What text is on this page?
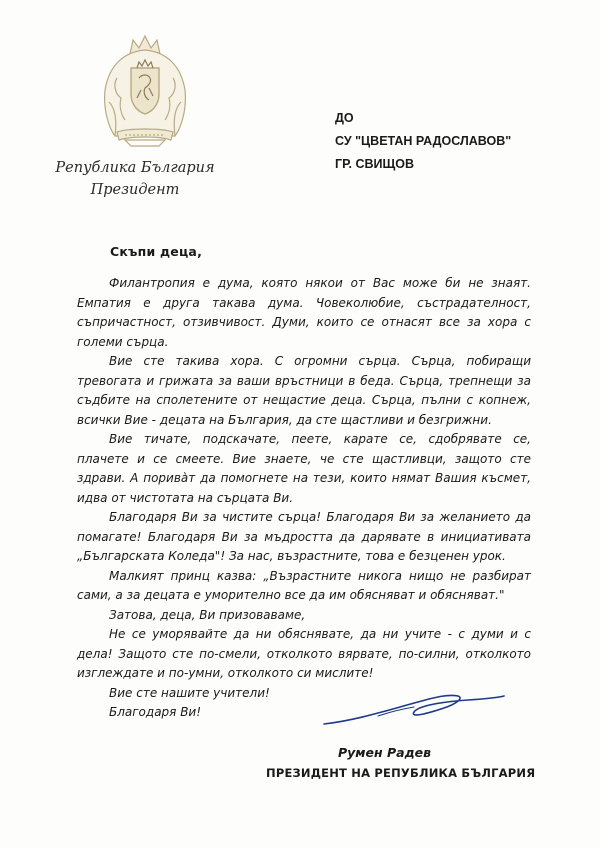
Република България
Президент
ДО
СУ "ЦВЕТАН РАДОСЛАВОВ"
ГР. СВИЩОВ
Скъпи деца,

Филантропия е дума, която някои от Вас може би не знаят. Емпатия е друга такава дума. Човеколюбие, състрадателност, съпричастност, отзивчивост. Думи, които се отнасят все за хора с големи сърца.

Вие сте такива хора. С огромни сърца. Сърца, побиращи тревогата и грижата за ваши връстници в беда. Сърца, трепнещи за съдбите на сполетените от нещастие деца. Сърца, пълни с копнеж, всички Вие - децата на България, да сте щастливи и безгрижни.

Вие тичате, подскачате, пеете, карате се, сдобрявате се, плачете и се смеете. Вие знаете, че сте щастливци, защото сте здрави. А порива̀т да помогнете на тези, които нямат Вашия късмет, идва от чистотата на сърцата Ви.

Благодаря Ви за чистите сърца! Благодаря Ви за желанието да помагате! Благодаря Ви за мъдростта да дарявате в инициативата „Българската Коледа"! За нас, възрастните, това е безценен урок.

Малкият принц казва: „Възрастните никога нищо не разбират сами, а за децата е уморително все да им обясняват и обясняват."

Затова, деца, Ви призоваваме,

Не се уморявайте да ни обяснявате, да ни учите - с думи и с дела! Защото сте по-смели, отколкото вярвате, по-силни, отколкото изглеждате и по-умни, отколкото си мислите!

Вие сте нашите учители!

Благодаря Ви!

Румен Радев
ПРЕЗИДЕНТ НА РЕПУБЛИКА БЪЛГАРИЯ
